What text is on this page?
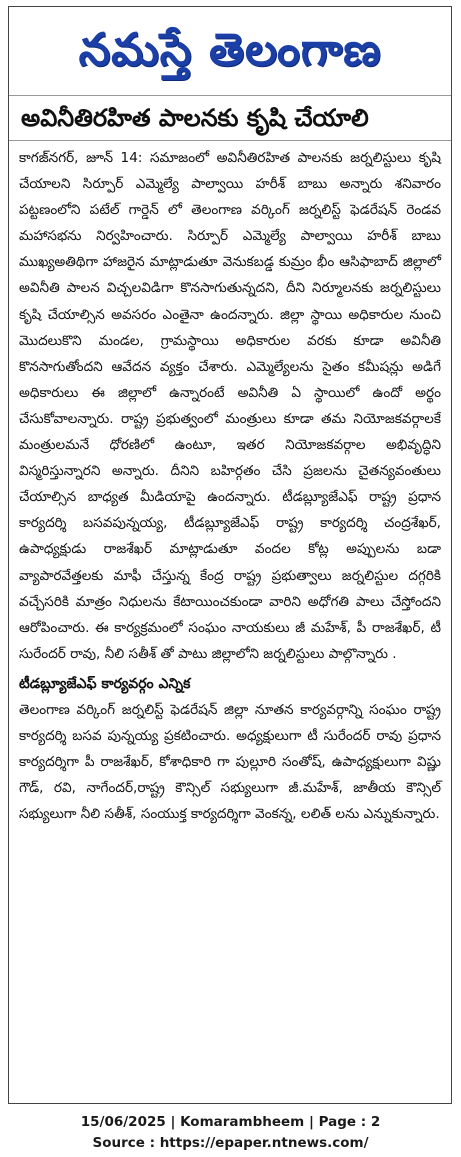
నమస్తే తెలంగాణ
అవినీతిరహిత పాలనకు కృషి చేయాలి

కాగజ్‌నగర్, జూన్ 14: సమాజంలో అవినీతిరహిత పాలనకు జర్నలిస్టులు కృషి చేయాలని సిర్పూర్ ఎమ్మెల్యే పాల్వాయి హరీశ్ బాబు అన్నారు శనివారం పట్టణంలోని పటేల్ గార్డెన్ లో తెలంగాణ వర్కింగ్ జర్నలిస్ట్ ఫెడరేషన్ రెండవ మహాసభను నిర్వహించారు. సిర్పూర్ ఎమ్మెల్యే పాల్వాయి హరీశ్ బాబు ముఖ్యఅతిథిగా హాజరైన మాట్లాడుతూ వెనుకబడ్డ కుమ్రం భీం ఆసిఫాబాద్ జిల్లాలో అవినీతి పాలన విచ్చలవిడిగా కొనసాగుతున్నదని, దీని నిర్మూలనకు జర్నలిస్టులు కృషి చేయాల్సిన అవసరం ఎంతైనా ఉందన్నారు. జిల్లా స్థాయి అధికారుల నుంచి మొదలుకొని మండల, గ్రామస్థాయి అధికారుల వరకు కూడా అవినీతి కొనసాగుతోందని ఆవేదన వ్యక్తం చేశారు. ఎమ్మెల్యేలను సైతం కమీషన్లు అడిగే అధికారులు ఈ జిల్లాలో ఉన్నారంటే అవినీతి ఏ స్థాయిలో ఉందో అర్థం చేసుకోవాలన్నారు. రాష్ట్ర ప్రభుత్వంలో మంత్రులు కూడా తమ నియోజకవర్గాలకే మంత్రులమనే ధోరణిలో ఉంటూ, ఇతర నియోజకవర్గాల అభివృద్ధిని విస్మరిస్తున్నారని అన్నారు. దీనిని బహిర్గతం చేసి ప్రజలను చైతన్యవంతులు చేయాల్సిన బాధ్యత మీడియాపై ఉందన్నారు. టీడబ్ల్యూజేఎఫ్ రాష్ట్ర ప్రధాన కార్యదర్శి బసవపున్నయ్య, టీడబ్ల్యూజేఎఫ్ రాష్ట్ర కార్యదర్శి చంద్రశేఖర్, ఉపాధ్యక్షుడు రాజశేఖర్ మాట్లాడుతూ వందల కోట్ల అప్పులను బడా వ్యాపారవేత్తలకు మాఫీ చేస్తున్న కేంద్ర రాష్ట్ర ప్రభుత్వాలు జర్నలిస్టుల దగ్గరికి వచ్చేసరికి మాత్రం నిధులను కేటాయించకుండా వారిని అధోగతి పాలు చేస్తోందని ఆరోపించారు. ఈ కార్యక్రమంలో సంఘం నాయకులు జీ మహేశ్, పీ రాజశేఖర్, టీ సురేందర్ రావు, నీలి సతీశ్ తో పాటు జిల్లాలోని జర్నలిస్టులు పాల్గొన్నారు .

టీడబ్ల్యూజేఎఫ్ కార్యవర్గం ఎన్నిక

తెలంగాణ వర్కింగ్ జర్నలిస్ట్ ఫెడరేషన్ జిల్లా నూతన కార్యవర్గాన్ని సంఘం రాష్ట్ర కార్యదర్శి బసవ పున్నయ్య ప్రకటించారు. అధ్యక్షులుగా టీ సురేందర్ రావు ప్రధాన కార్యదర్శిగా పీ రాజశేఖర్, కోశాధికారి గా పుల్లూరి సంతోష్, ఉపాధ్యక్షులుగా విష్ణు గౌడ్, రవి, నాగేందర్,రాష్ట్ర కౌన్సిల్ సభ్యులుగా జీ.మహేశ్, జాతీయ కౌన్సిల్ సభ్యులుగా నీలి సతీశ్, సంయుక్త కార్యదర్శిగా వెంకన్న, లలిత్ లను ఎన్నుకున్నారు.

15/06/2025 | Komarambheem | Page : 2
Source : https://epaper.ntnews.com/
